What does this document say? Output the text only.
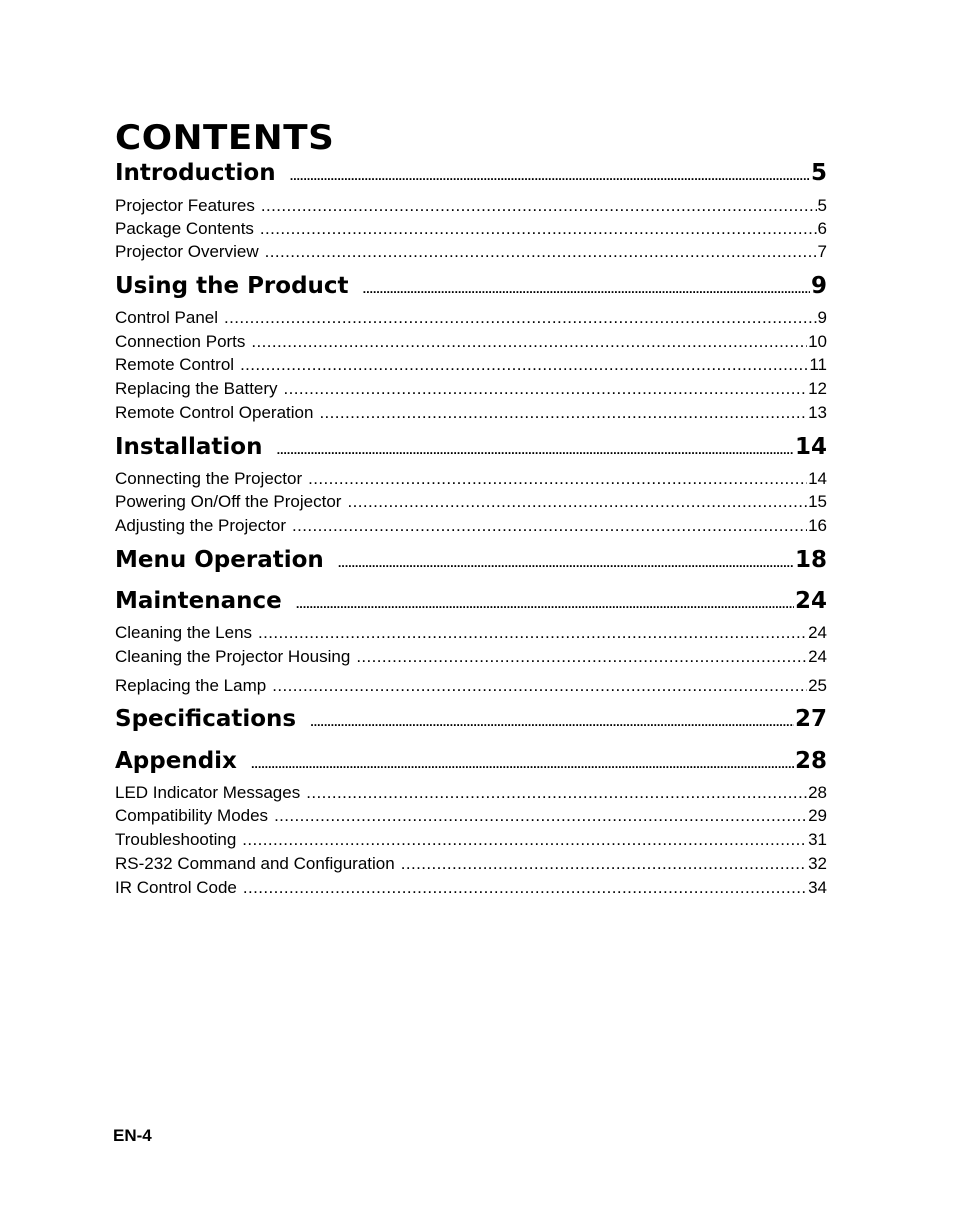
CONTENTS
Introduction .....	5
Projector Features .....	5
Package Contents .....	6
Projector Overview .....	7
Using the Product .....	9
Control Panel .....	9
Connection Ports .....	10
Remote Control .....	11
Replacing the Battery .....	12
Remote Control Operation .....	13
Installation .....	14
Connecting the Projector .....	14
Powering On/Off the Projector .....	15
Adjusting the Projector .....	16
Menu Operation .....	18
Maintenance .....	24
Cleaning the Lens .....	24
Cleaning the Projector Housing .....	24
Replacing the Lamp .....	25
Specifications .....	27
Appendix .....	28
LED Indicator Messages .....	28
Compatibility Modes .....	29
Troubleshooting .....	31
RS-232 Command and Configuration .....	32
IR Control Code .....	34
EN-4
